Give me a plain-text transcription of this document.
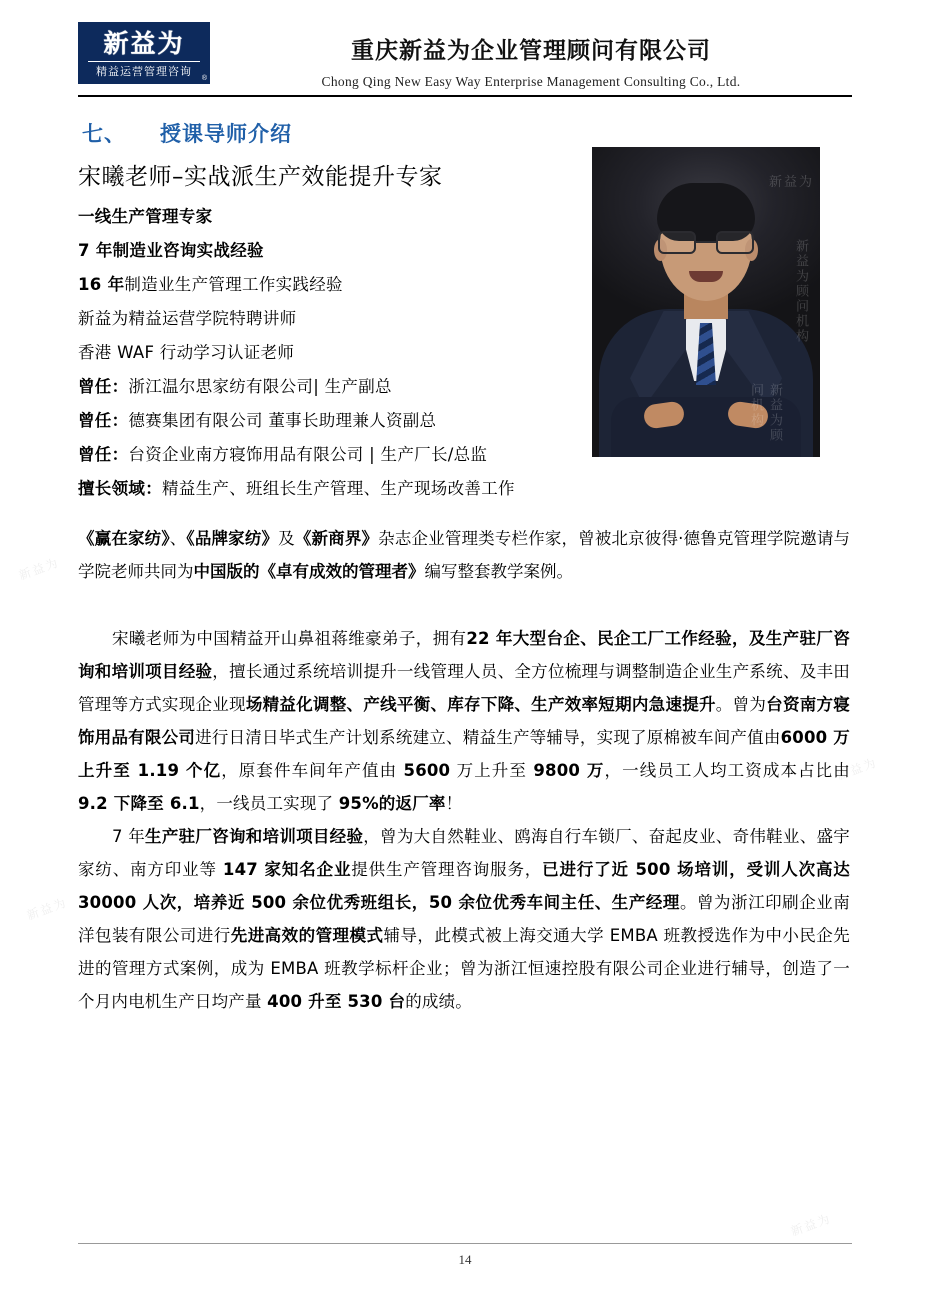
新益为
精益运营管理咨询
®
重庆新益为企业管理顾问有限公司
Chong Qing New Easy Way Enterprise Management Consulting Co., Ltd.
七、 授课导师介绍
新益为
新益为顾问机构
新益为顾问机构
宋曦老师–实战派生产效能提升专家
一线生产管理专家
7 年制造业咨询实战经验
16 年制造业生产管理工作实践经验
新益为精益运营学院特聘讲师
香港 WAF 行动学习认证老师
曾任：浙江温尔思家纺有限公司| 生产副总
曾任：德赛集团有限公司 董事长助理兼人资副总
曾任：台资企业南方寝饰用品有限公司 | 生产厂长/总监
擅长领域：精益生产、班组长生产管理、生产现场改善工作
《赢在家纺》、《品牌家纺》及《新商界》杂志企业管理类专栏作家，曾被北京彼得·德鲁克管理学院邀请与学院老师共同为中国版的《卓有成效的管理者》编写整套教学案例。

宋曦老师为中国精益开山鼻祖蒋维豪弟子，拥有22 年大型台企、民企工厂工作经验，及生产驻厂咨询和培训项目经验，擅长通过系统培训提升一线管理人员、全方位梳理与调整制造企业生产系统、及丰田管理等方式实现企业现场精益化调整、产线平衡、库存下降、生产效率短期内急速提升。曾为台资南方寝饰用品有限公司进行日清日毕式生产计划系统建立、精益生产等辅导，实现了原棉被车间产值由6000 万上升至 1.19 个亿，原套件车间年产值由 5600 万上升至 9800 万，一线员工人均工资成本占比由 9.2 下降至 6.1，一线员工实现了 95%的返厂率！

7 年生产驻厂咨询和培训项目经验，曾为大自然鞋业、鸥海自行车锁厂、奋起皮业、奇伟鞋业、盛宇家纺、南方印业等 147 家知名企业提供生产管理咨询服务，已进行了近 500 场培训，受训人次高达 30000 人次，培养近 500 余位优秀班组长，50 余位优秀车间主任、生产经理。曾为浙江印刷企业南洋包装有限公司进行先进高效的管理模式辅导，此模式被上海交通大学 EMBA 班教授选作为中小民企先进的管理方式案例，成为 EMBA 班教学标杆企业；曾为浙江恒速控股有限公司企业进行辅导，创造了一个月内电机生产日均产量 400 升至 530 台的成绩。

新益为
新益为
新益为
新益为
14
